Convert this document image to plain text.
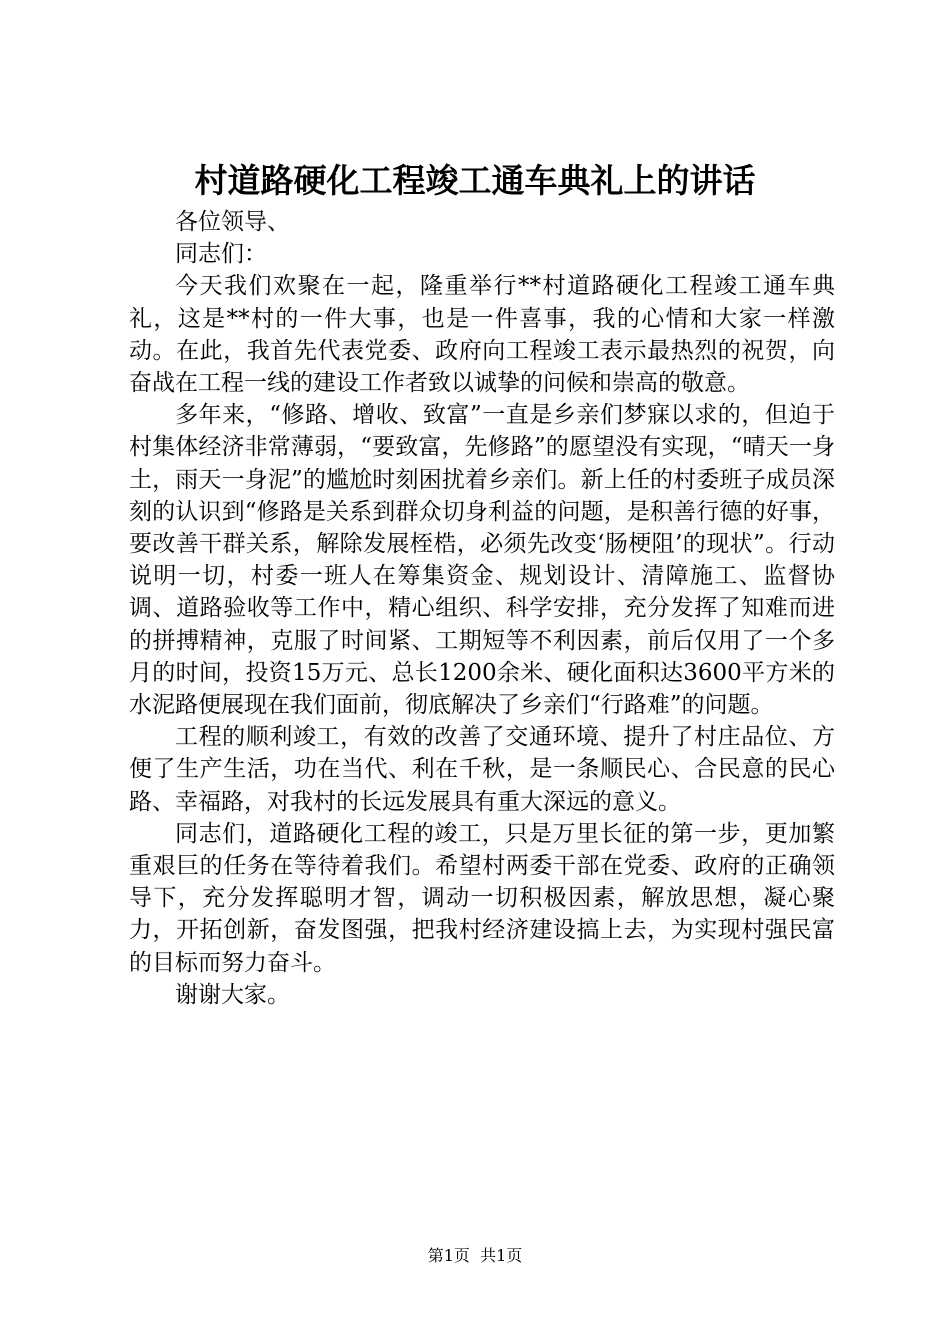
村道路硬化工程竣工通车典礼上的讲话

各位领导、

同志们：

今天我们欢聚在一起，隆重举行**村道路硬化工程竣工通车典礼，这是**村的一件大事，也是一件喜事，我的心情和大家一样激动。在此，我首先代表党委、政府向工程竣工表示最热烈的祝贺，向奋战在工程一线的建设工作者致以诚挚的问候和崇高的敬意。

多年来，“修路、增收、致富”一直是乡亲们梦寐以求的，但迫于村集体经济非常薄弱，“要致富，先修路”的愿望没有实现，“晴天一身土，雨天一身泥”的尴尬时刻困扰着乡亲们。新上任的村委班子成员深刻的认识到“修路是关系到群众切身利益的问题，是积善行德的好事，要改善干群关系，解除发展桎梏，必须先改变‘肠梗阻’的现状”。行动说明一切，村委一班人在筹集资金、规划设计、清障施工、监督协调、道路验收等工作中，精心组织、科学安排，充分发挥了知难而进的拼搏精神，克服了时间紧、工期短等不利因素，前后仅用了一个多月的时间，投资15万元、总长1200余米、硬化面积达3600平方米的水泥路便展现在我们面前，彻底解决了乡亲们“行路难”的问题。

工程的顺利竣工，有效的改善了交通环境、提升了村庄品位、方便了生产生活，功在当代、利在千秋，是一条顺民心、合民意的民心路、幸福路，对我村的长远发展具有重大深远的意义。

同志们，道路硬化工程的竣工，只是万里长征的第一步，更加繁重艰巨的任务在等待着我们。希望村两委干部在党委、政府的正确领导下，充分发挥聪明才智，调动一切积极因素，解放思想，凝心聚力，开拓创新，奋发图强，把我村经济建设搞上去，为实现村强民富的目标而努力奋斗。

谢谢大家。

第1页  共1页
